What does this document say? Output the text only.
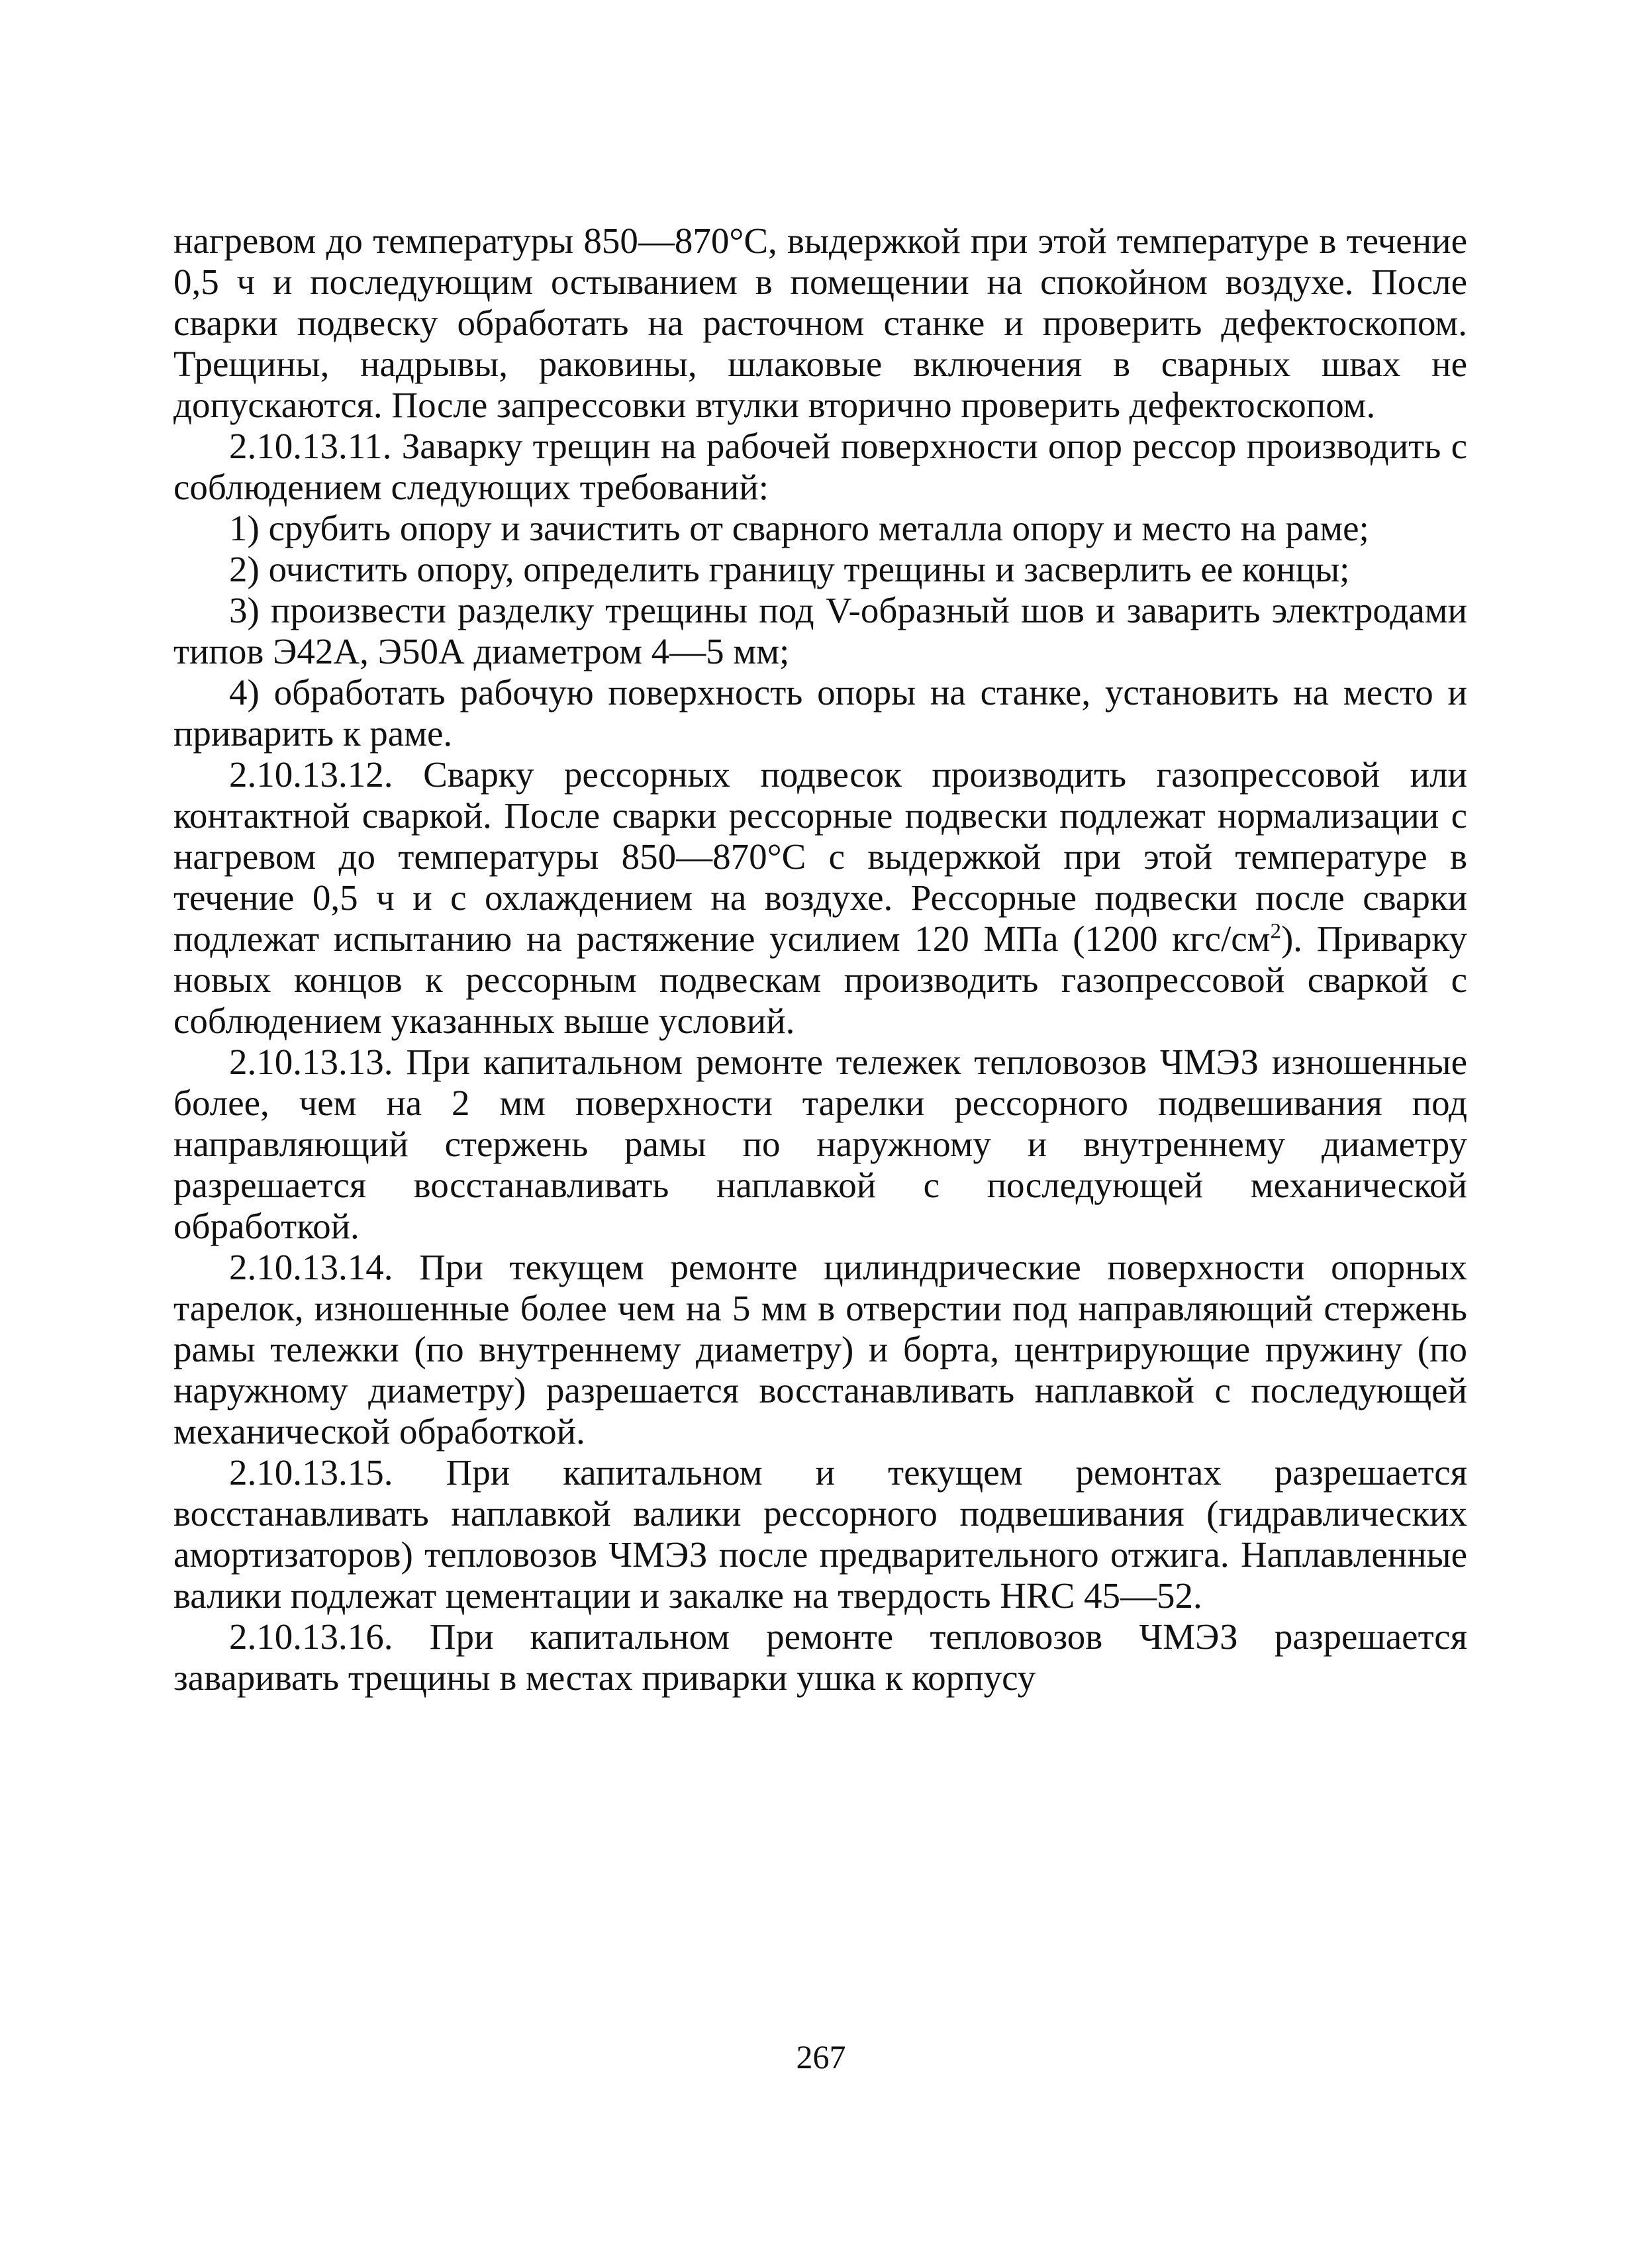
нагревом до температуры 850—870°С, выдержкой при этой температуре в течение 0,5 ч и последующим остыванием в помещении на спокойном воздухе. После сварки подвеску обработать на расточном станке и проверить дефектоскопом. Трещины, надрывы, раковины, шлаковые включения в сварных швах не допускаются. После запрессовки втулки вторично проверить дефектоскопом.

2.10.13.11. Заварку трещин на рабочей поверхности опор рессор производить с соблюдением следующих требований:

1) срубить опору и зачистить от сварного металла опору и место на раме;

2) очистить опору, определить границу трещины и засверлить ее концы;

3) произвести разделку трещины под V-образный шов и заварить электродами типов Э42А, Э50А диаметром 4—5 мм;

4) обработать рабочую поверхность опоры на станке, установить на место и приварить к раме.

2.10.13.12. Сварку рессорных подвесок производить газопрессовой или контактной сваркой. После сварки рессорные подвески подлежат нормализации с нагревом до температуры 850—870°С с выдержкой при этой температуре в течение 0,5 ч и с охлаждением на воздухе. Рессорные подвески после сварки подлежат испытанию на растяжение усилием 120 МПа (1200 кгс/$см^2$). Приварку новых концов к рессорным подвескам производить газопрессовой сваркой с соблюдением указанных выше условий.

2.10.13.13. При капитальном ремонте тележек тепловозов ЧМЭЗ изношенные более, чем на 2 мм поверхности тарелки рессорного подвешивания под направляющий стержень рамы по наружному и внутреннему диаметру разрешается восстанавливать наплавкой с последующей механической обработкой.

2.10.13.14. При текущем ремонте цилиндрические поверхности опорных тарелок, изношенные более чем на 5 мм в отверстии под направляющий стержень рамы тележки (по внутреннему диаметру) и борта, центрирующие пружину (по наружному диаметру) разрешается восстанавливать наплавкой с последующей механической обработкой.

2.10.13.15. При капитальном и текущем ремонтах разрешается восстанавливать наплавкой валики рессорного подвешивания (гидравлических амортизаторов) тепловозов ЧМЭЗ после предварительного отжига. Наплавленные валики подлежат цементации и закалке на твердость HRC 45—52.

2.10.13.16. При капитальном ремонте тепловозов ЧМЭЗ разрешается заваривать трещины в местах приварки ушка к корпусу

267
